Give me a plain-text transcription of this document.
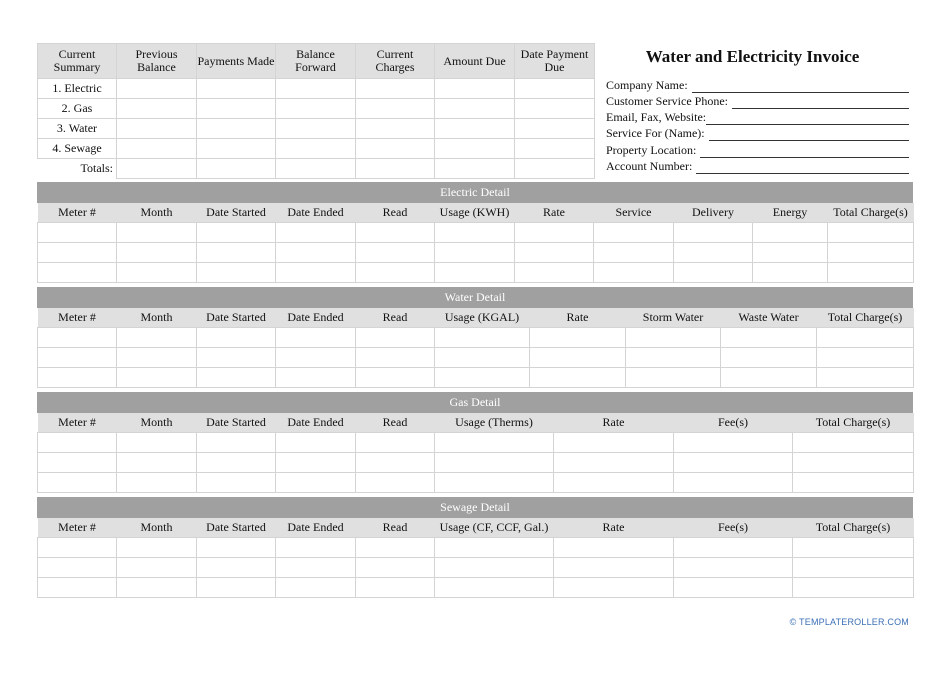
Current Summary	Previous Balance	Payments Made	Balance Forward	Current Charges	Amount Due	Date Payment Due
1. Electric						
2. Gas						
3. Water						
4. Sewage						
Totals:						
Water and Electricity Invoice
Company Name:
Customer Service Phone:
Email, Fax, Website:
Service For (Name):
Property Location:
Account Number:
Electric Detail
Meter #	Month	Date Started	Date Ended	Read	Usage (KWH)	Rate	Service	Delivery	Energy	Total Charge(s)

Water Detail
Meter #	Month	Date Started	Date Ended	Read	Usage (KGAL)	Rate	Storm Water	Waste Water	Total Charge(s)

Gas Detail
Meter #	Month	Date Started	Date Ended	Read	Usage (Therms)	Rate	Fee(s)	Total Charge(s)

Sewage Detail
Meter #	Month	Date Started	Date Ended	Read	Usage (CF, CCF, Gal.)	Rate	Fee(s)	Total Charge(s)

© TEMPLATEROLLER.COM
